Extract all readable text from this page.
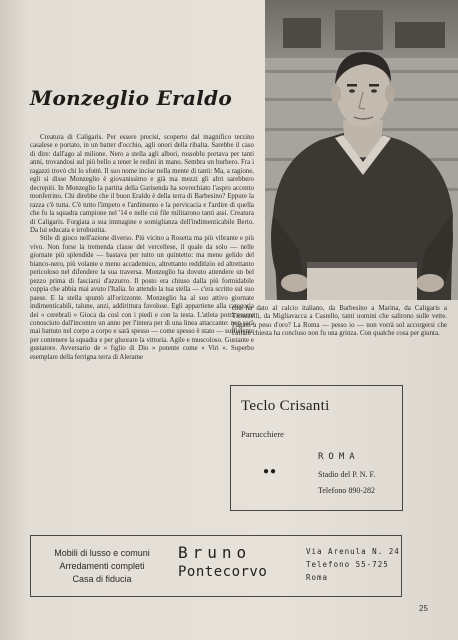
Monzeglio Eraldo

Creatura di Caligaris. Per essere precisi, scoperto dal magnifico terzino casalese e portato, in un batter d'occhio, agli onori della ribalta. Sarebbe il caso di dire: dall'ago al milione. Nero a stella agli albori, rossoblu portava per tanti anni, trovandosi sul più bello a tener le redini in mano. Sembra un burbero. Fra i ragazzi trovò chi lo sfottè. Il suo nome incise nella mente di tanti: Ma, a ragione, egli si disse Monzeglio è giovanissimo e già ma mezzi gli altri sarebbero decrepiti. In Monzeglio la partita della Garisenda ha sovrechiato l'aspro accento monferrino. Chi direbbe che il buon Eraldo è della terra di Barbesino? Eppure la razza c'è tutta. C'è tutto l'impeto e l'ardimento e la pervicacia e l'ardire di quella che fu la squadra campione nel '14 e nelle cui file militarono tanti assi. Creatura di Caligaris. Forgiata a sua immagine e somiglianza dell'indimenticabile Berto. Da lui educata e irrobustita.

Stile di gioco nell'azione diverso. Più vicino a Rosetta ma più vibrante e più vivo. Non forse la tremenda classe del vercellese, il quale da solo — nelle giornate più splendide — bastava per tutto un quintetto: ma meno gelido del bianco-nero, più volante e meno accademico, altrettanto redditizio ed altrettanto pericoloso nel difendere la sua traversa. Monzeglio ha dovuto attendere un bel pezzo prima di fasciarsi d'azzurro. Il posto era chiuso dalla più formidabile coppia che abbia mai avuto l'Italia. Io attendo la tua stella — c'era scritto sul suo paese. E la stella spuntò all'orizzonte. Monzeglio ha al suo attivo giornate indimenticabili, talune, anzi, addirittura favolose. Egli appartiene alla categoria dei « cerebrali » Gioca da così con i piedi e con la testa. L'atleta potrà essere conosciuto dall'incontro un anno per l'intera per di una linea attaccante: non sarà mai battuto nel corpo a corpo e sarà spesso — come spesso è stato — sufficiente per contenere la squadra e per gluorare la vittoria. Agile e muscoloso. Gustante e gustatore. Avversario de « figlio di Dio » potente come « Viri ». Superbo esemplare della ferrigna terra di Alerame

che ha dato al calcio italiano, da Barbesino a Marina, da Caligaris a Ticozzelli, da Migliavacca a Castello, tanti uomini che salirono sulle vette. Pagato a peso d'oro? La Roma — pesso io — non vorrà sol accorgersi che l'affare chiesta ha concluso non fu una grinza. Con qualche cosa per giunta.

Teclo Crisanti
Parrucchiere
ROMA
●●	Stadio del P. N. F.
Telefono 890-282
Mobili di lusso e comuni
Arredamenti completi
Casa di fiducia
Bruno
Pontecorvo
Via Arenula N. 24
Telefono 55-725
Roma
25
